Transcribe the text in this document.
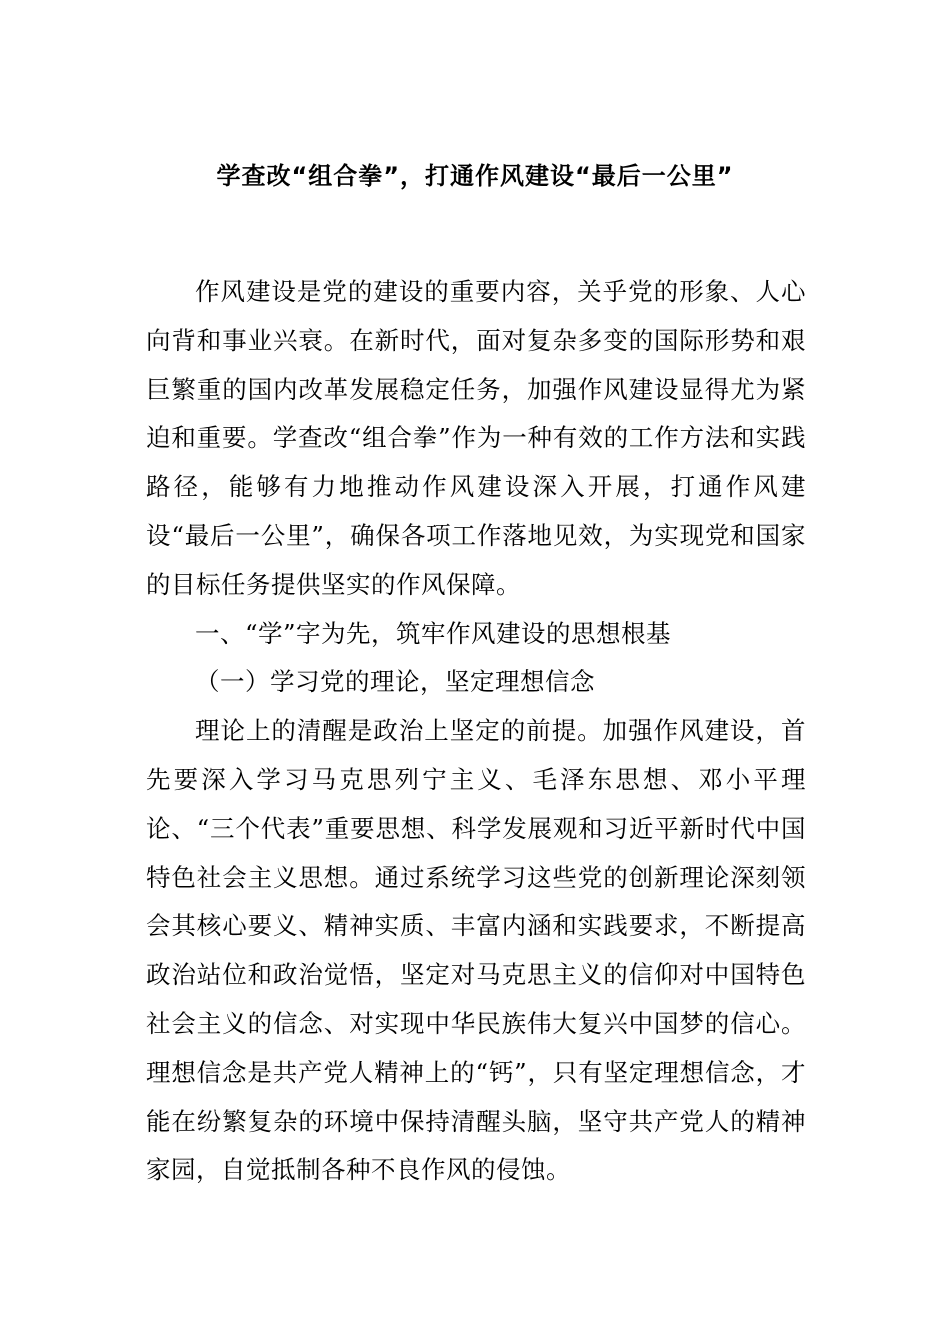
学查改“组合拳”，打通作风建设“最后一公里”

作风建设是党的建设的重要内容，关乎党的形象、人心向背和事业兴衰。在新时代，面对复杂多变的国际形势和艰巨繁重的国内改革发展稳定任务，加强作风建设显得尤为紧迫和重要。学查改“组合拳”作为一种有效的工作方法和实践路径，能够有力地推动作风建设深入开展，打通作风建设“最后一公里”，确保各项工作落地见效，为实现党和国家的目标任务提供坚实的作风保障。

一、“学”字为先，筑牢作风建设的思想根基

（一）学习党的理论，坚定理想信念

理论上的清醒是政治上坚定的前提。加强作风建设，首先要深入学习马克思列宁主义、毛泽东思想、邓小平理论、“三个代表”重要思想、科学发展观和习近平新时代中国特色社会主义思想。通过系统学习这些党的创新理论深刻领会其核心要义、精神实质、丰富内涵和实践要求，不断提高政治站位和政治觉悟，坚定对马克思主义的信仰对中国特色社会主义的信念、对实现中华民族伟大复兴中国梦的信心。理想信念是共产党人精神上的“钙”，只有坚定理想信念，才能在纷繁复杂的环境中保持清醒头脑，坚守共产党人的精神家园，自觉抵制各种不良作风的侵蚀。
